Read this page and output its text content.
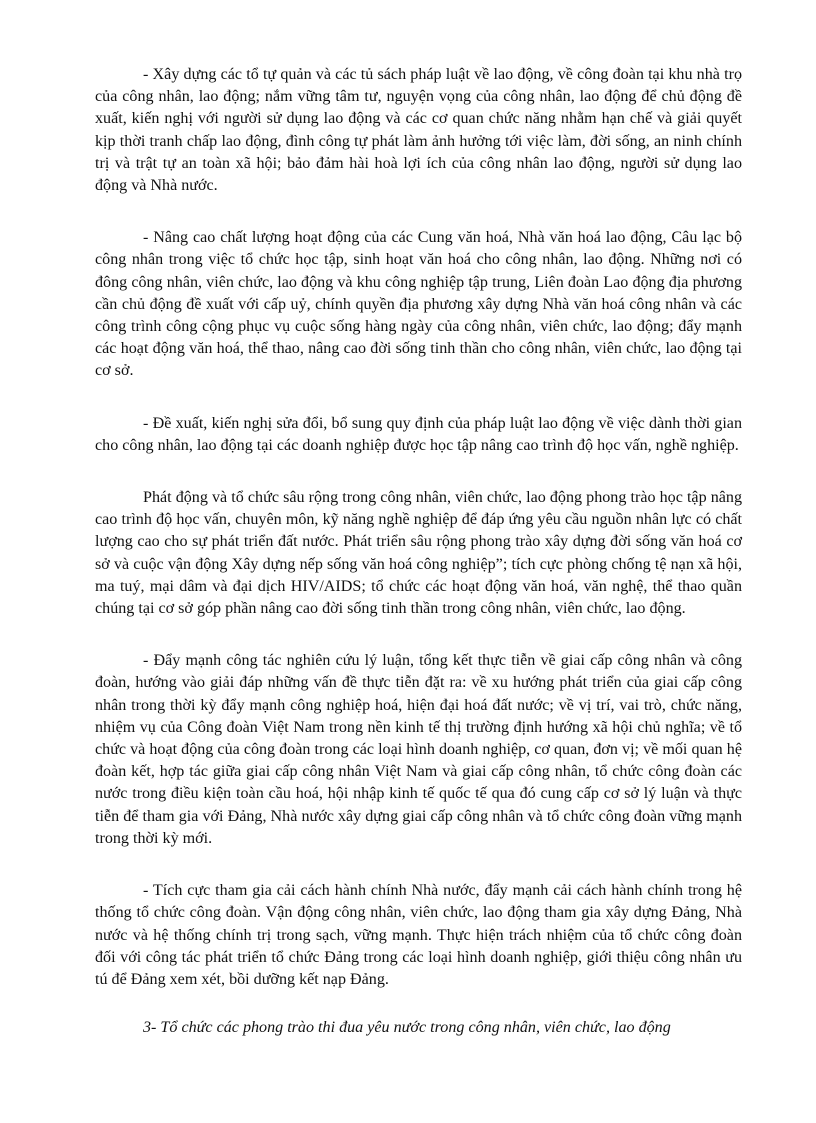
- Xây dựng các tổ tự quản và các tủ sách pháp luật về lao động, về công đoàn tại khu nhà trọ của công nhân, lao động; nắm vững tâm tư, nguyện vọng của công nhân, lao động để chủ động đề xuất, kiến nghị với người sử dụng lao động và các cơ quan chức năng nhằm hạn chế và giải quyết kịp thời tranh chấp lao động, đình công tự phát làm ảnh hưởng tới việc làm, đời sống, an ninh chính trị và trật tự an toàn xã hội; bảo đảm hài hoà lợi ích của công nhân lao động, người sử dụng lao động và Nhà nước.

- Nâng cao chất lượng hoạt động của các Cung văn hoá, Nhà văn hoá lao động, Câu lạc bộ công nhân trong việc tổ chức học tập, sinh hoạt văn hoá cho công nhân, lao động. Những nơi có đông công nhân, viên chức, lao động và khu công nghiệp tập trung, Liên đoàn Lao động địa phương cần chủ động đề xuất với cấp uỷ, chính quyền địa phương xây dựng Nhà văn hoá công nhân và các công trình công cộng phục vụ cuộc sống hàng ngày của công nhân, viên chức, lao động; đẩy mạnh các hoạt động văn hoá, thể thao, nâng cao đời sống tinh thần cho công nhân, viên chức, lao động tại cơ sở.

- Đề xuất, kiến nghị sửa đổi, bổ sung quy định của pháp luật lao động về việc dành thời gian cho công nhân, lao động tại các doanh nghiệp được học tập nâng cao trình độ học vấn, nghề nghiệp.

Phát động và tổ chức sâu rộng trong công nhân, viên chức, lao động phong trào học tập nâng cao trình độ học vấn, chuyên môn, kỹ năng nghề nghiệp để đáp ứng yêu cầu nguồn nhân lực có chất lượng cao cho sự phát triển đất nước. Phát triển sâu rộng phong trào xây dựng đời sống văn hoá cơ sở và cuộc vận động Xây dựng nếp sống văn hoá công nghiệp”; tích cực phòng chống tệ nạn xã hội, ma tuý, mại dâm và đại dịch HIV/AIDS; tổ chức các hoạt động văn hoá, văn nghệ, thể thao quần chúng tại cơ sở góp phần nâng cao đời sống tinh thần trong công nhân, viên chức, lao động.

- Đẩy mạnh công tác nghiên cứu lý luận, tổng kết thực tiễn về giai cấp công nhân và công đoàn, hướng vào giải đáp những vấn đề thực tiễn đặt ra: về xu hướng phát triển của giai cấp công nhân trong thời kỳ đẩy mạnh công nghiệp hoá, hiện đại hoá đất nước; về vị trí, vai trò, chức năng, nhiệm vụ của Công đoàn Việt Nam trong nền kinh tế thị trường định hướng xã hội chủ nghĩa; về tổ chức và hoạt động của công đoàn trong các loại hình doanh nghiệp, cơ quan, đơn vị; về mối quan hệ đoàn kết, hợp tác giữa giai cấp công nhân Việt Nam và giai cấp công nhân, tổ chức công đoàn các nước trong điều kiện toàn cầu hoá, hội nhập kinh tế quốc tế qua đó cung cấp cơ sở lý luận và thực tiễn để tham gia với Đảng, Nhà nước xây dựng giai cấp công nhân và tổ chức công đoàn vững mạnh trong thời kỳ mới.

- Tích cực tham gia cải cách hành chính Nhà nước, đẩy mạnh cải cách hành chính trong hệ thống tổ chức công đoàn. Vận động công nhân, viên chức, lao động tham gia xây dựng Đảng, Nhà nước và hệ thống chính trị trong sạch, vững mạnh. Thực hiện trách nhiệm của tổ chức công đoàn đối với công tác phát triển tổ chức Đảng trong các loại hình doanh nghiệp, giới thiệu công nhân ưu tú để Đảng xem xét, bồi dưỡng kết nạp Đảng.

3- Tổ chức các phong trào thi đua yêu nước trong công nhân, viên chức, lao động
